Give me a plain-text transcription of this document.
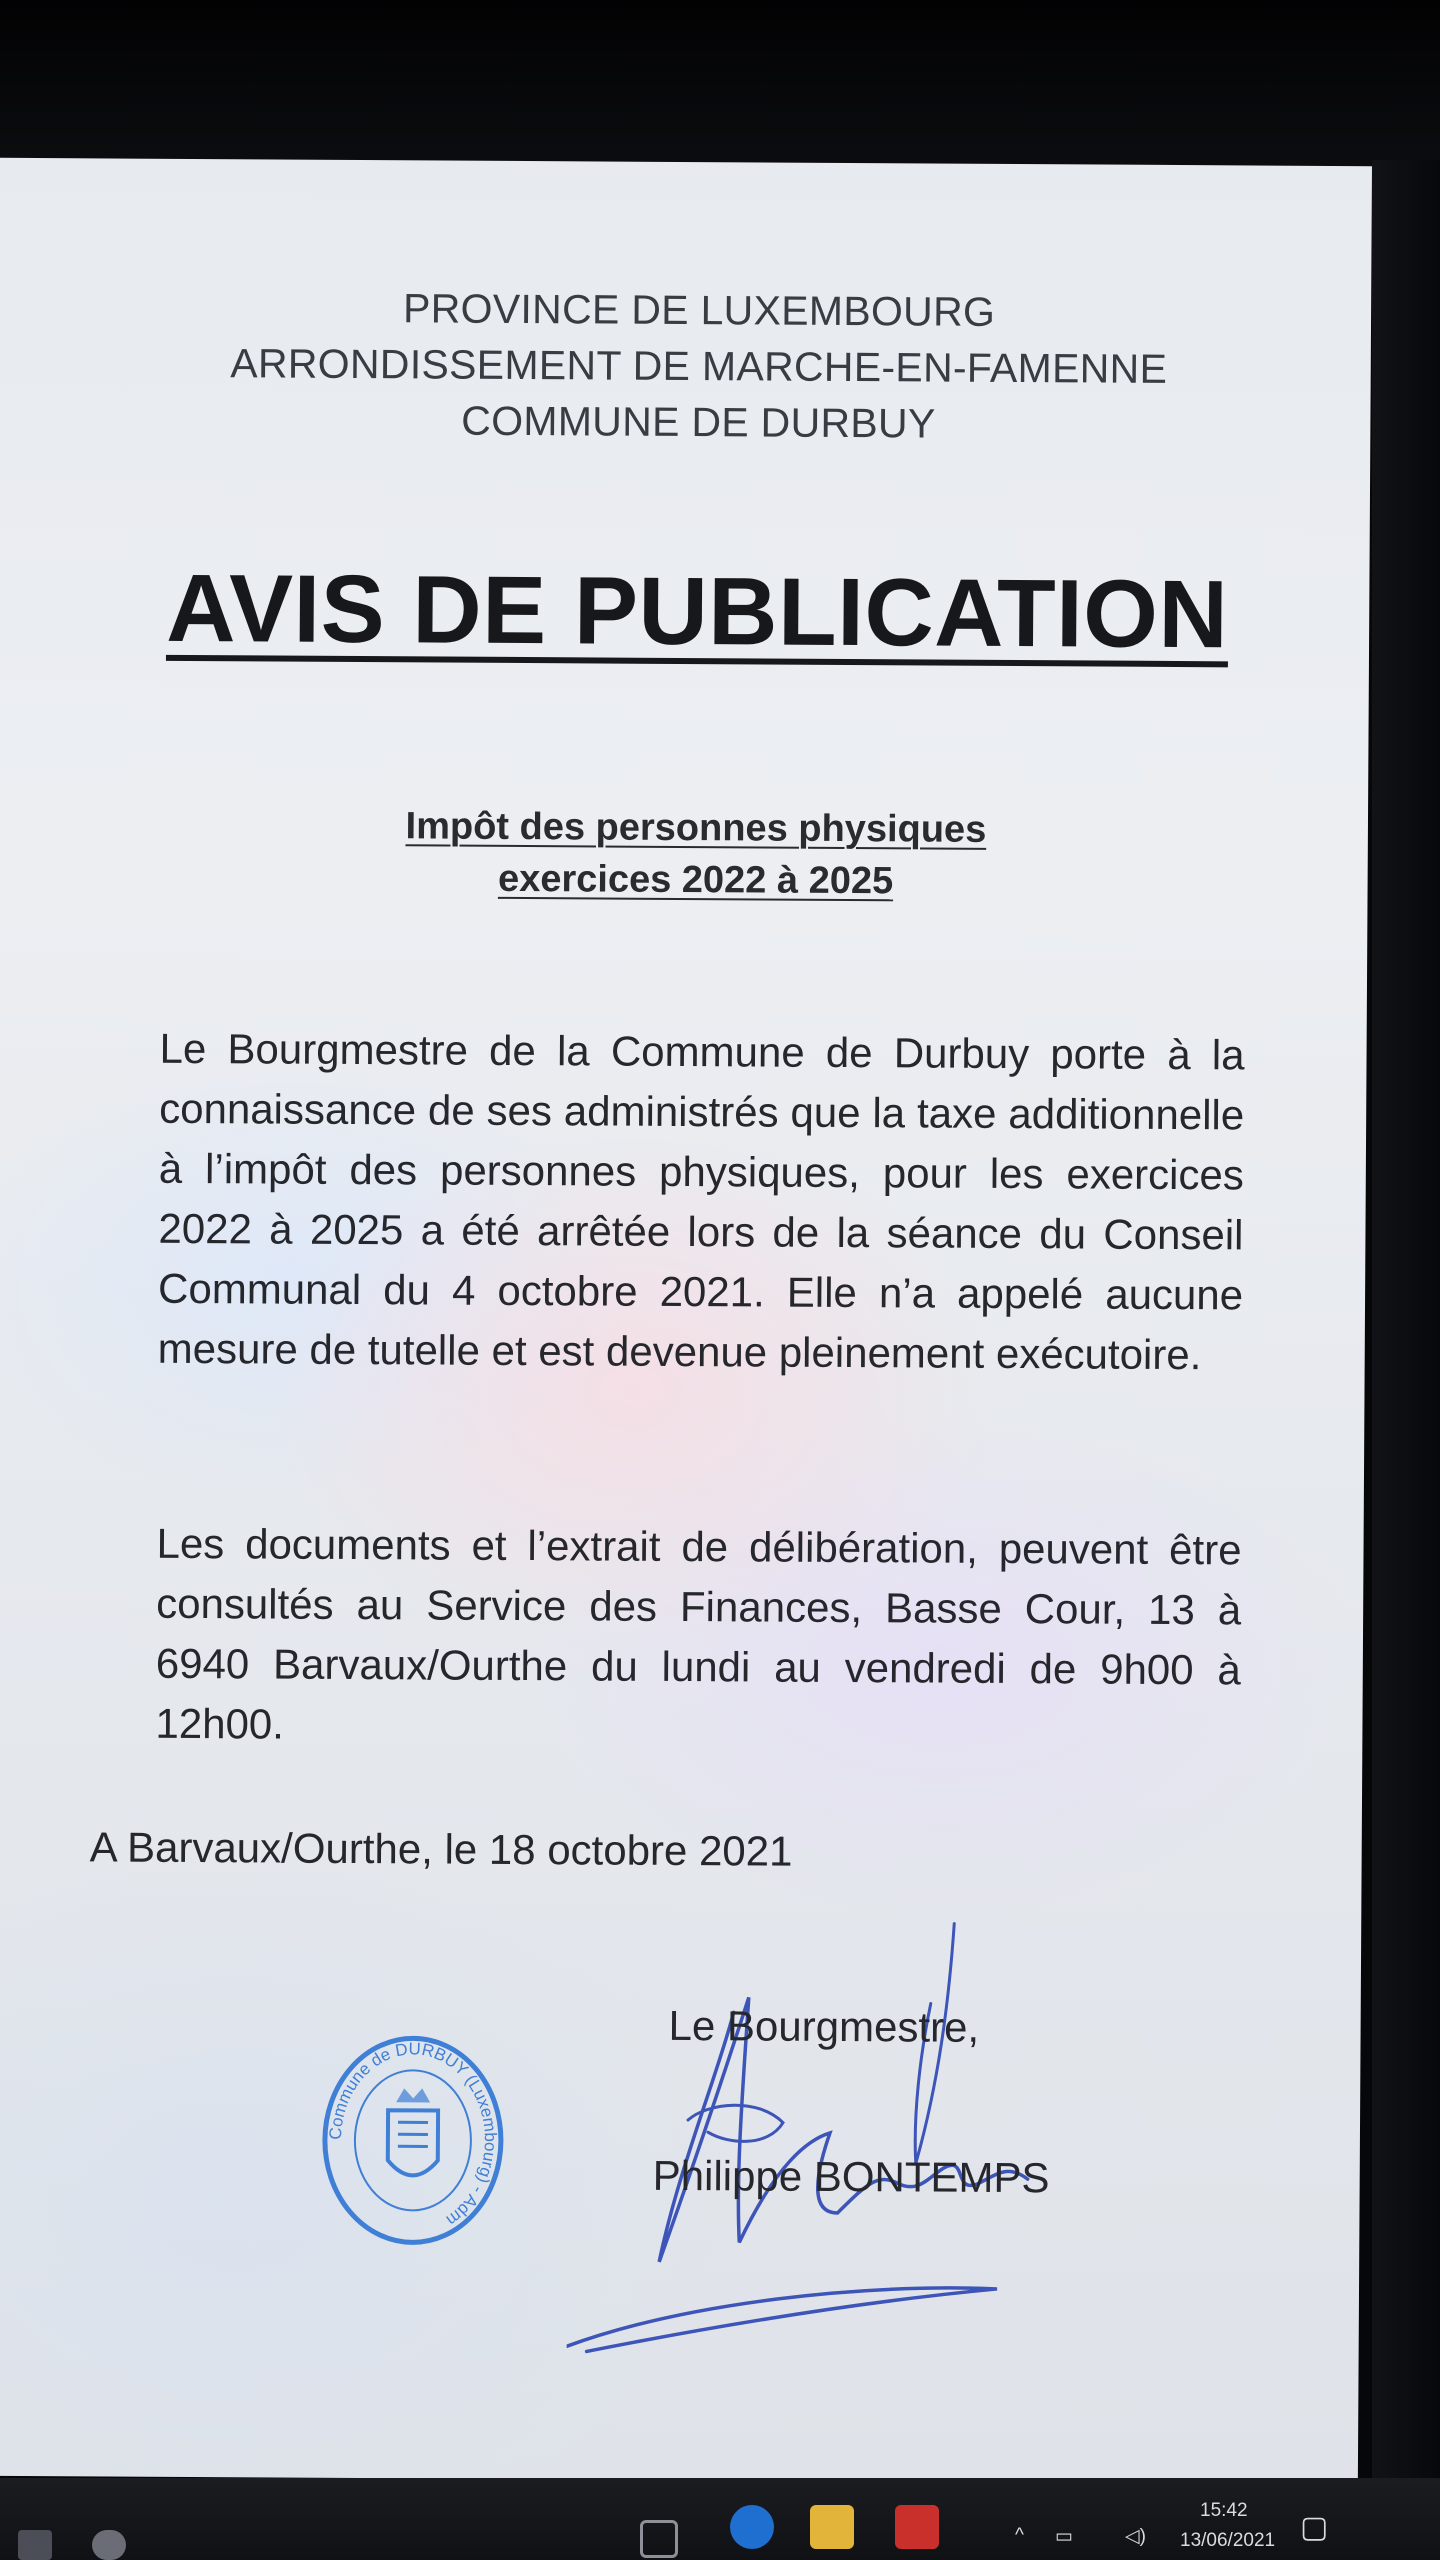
PROVINCE DE LUXEMBOURG
ARRONDISSEMENT DE MARCHE-EN-FAMENNE
COMMUNE DE DURBUY
AVIS DE PUBLICATION
Impôt des personnes physiques
exercices 2022 à 2025
Le Bourgmestre de la Commune de Durbuy porte à la connaissance de ses administrés que la taxe additionnelle à l’impôt des personnes physiques, pour les exercices 2022 à 2025 a été arrêtée lors de la séance du Conseil Communal du 4 octobre 2021. Elle n’a appelé aucune mesure de tutelle et est devenue pleinement exécutoire.
Les documents et l’extrait de délibération, peuvent être consultés au Service des Finances, Basse Cour, 13 à 6940 Barvaux/Ourthe du lundi au vendredi de 9h00 à 12h00.
A Barvaux/Ourthe, le 18 octobre 2021
Commune de DURBUY (Luxembourg) - Adm
Le Bourgmestre,
Philippe BONTEMPS
^ ▭	◁)
15:42
13/06/2021 ▢
